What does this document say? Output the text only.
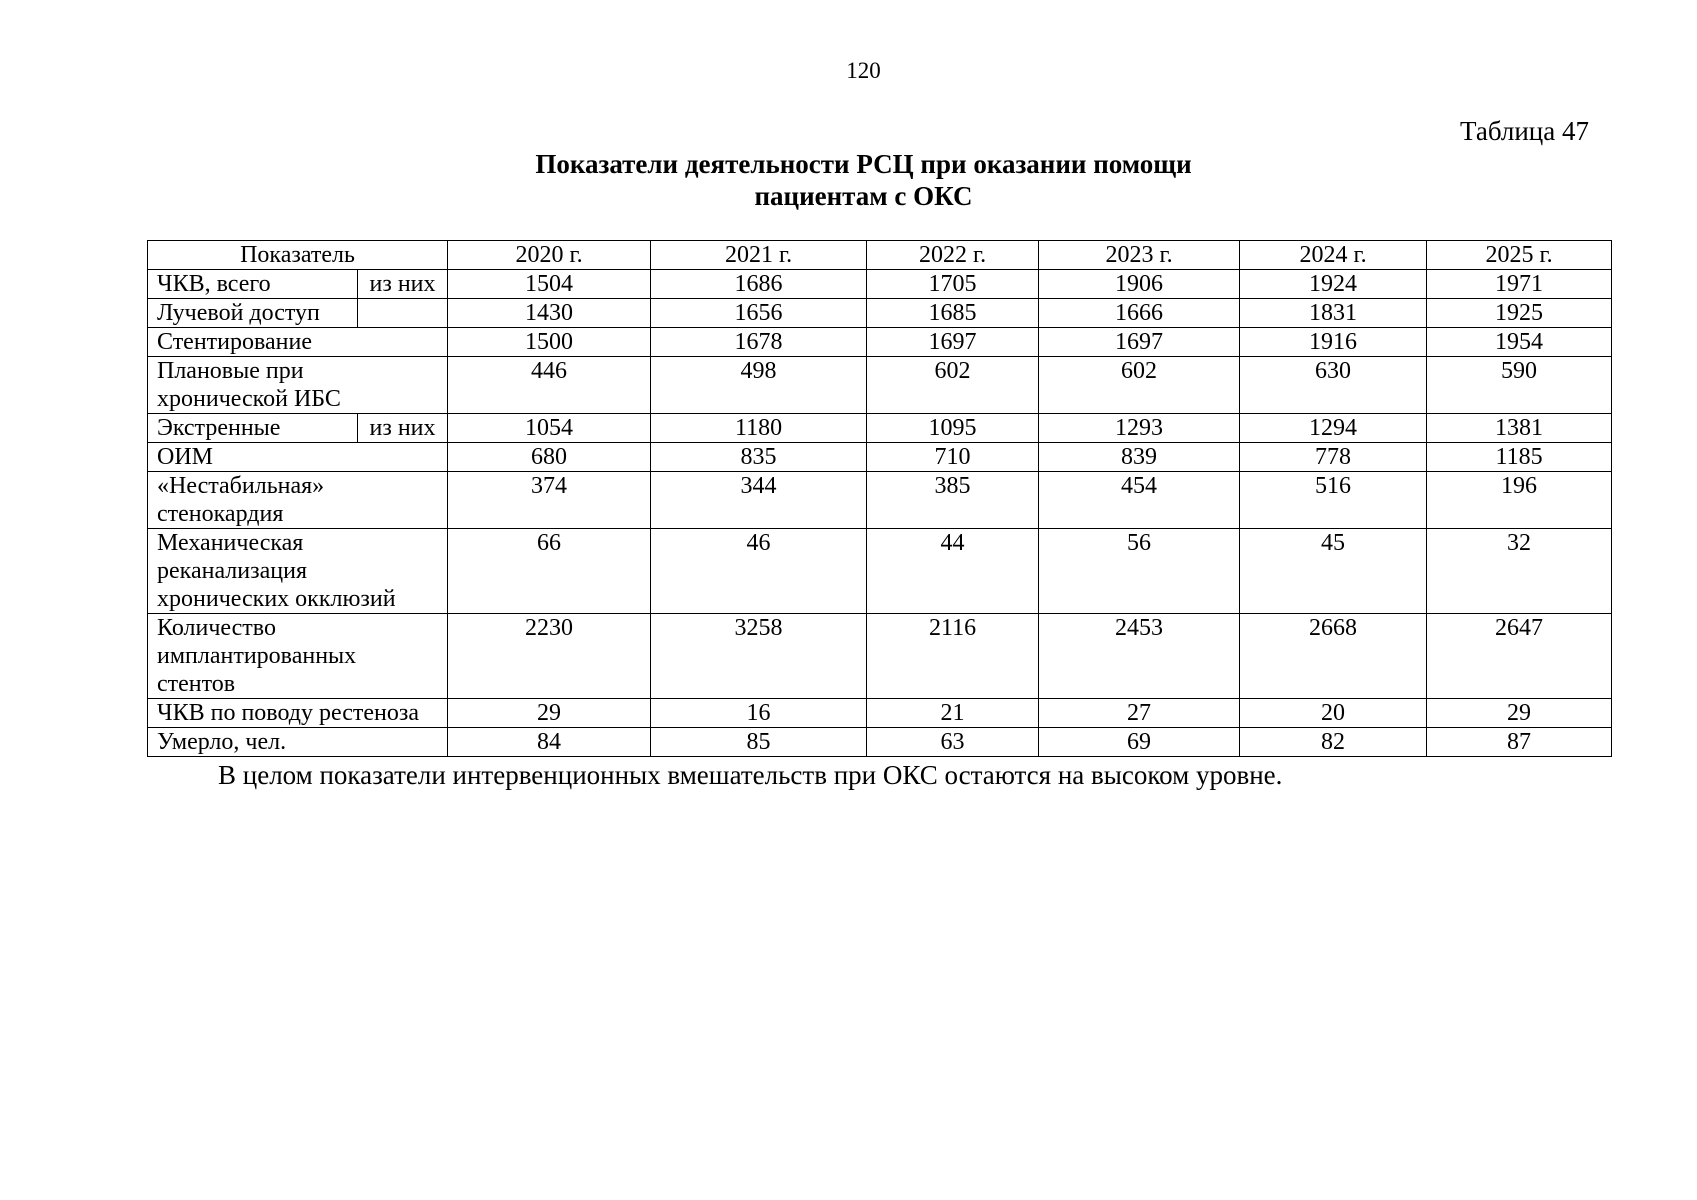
120
Таблица 47
Показатели деятельности РСЦ при оказании помощи
пациентам с ОКС
Показатель		2020 г.	2021 г.	2022 г.	2023 г.	2024 г.	2025 г.
ЧКВ, всего	из них	1504	1686	1705	1906	1924	1971
Лучевой доступ		1430	1656	1685	1666	1831	1925
Стентирование		1500	1678	1697	1697	1916	1954
Плановые при хронической ИБС		446	498	602	602	630	590
Экстренные	из них	1054	1180	1095	1293	1294	1381
ОИМ		680	835	710	839	778	1185
«Нестабильная» стенокардия		374	344	385	454	516	196
Механическая реканализация хронических окклюзий		66	46	44	56	45	32
Количество имплантированных стентов		2230	3258	2116	2453	2668	2647
ЧКВ по поводу рестеноза		29	16	21	27	20	29
Умерло, чел.		84	85	63	69	82	87
В целом показатели интервенционных вмешательств при ОКС остаются на высоком уровне.
